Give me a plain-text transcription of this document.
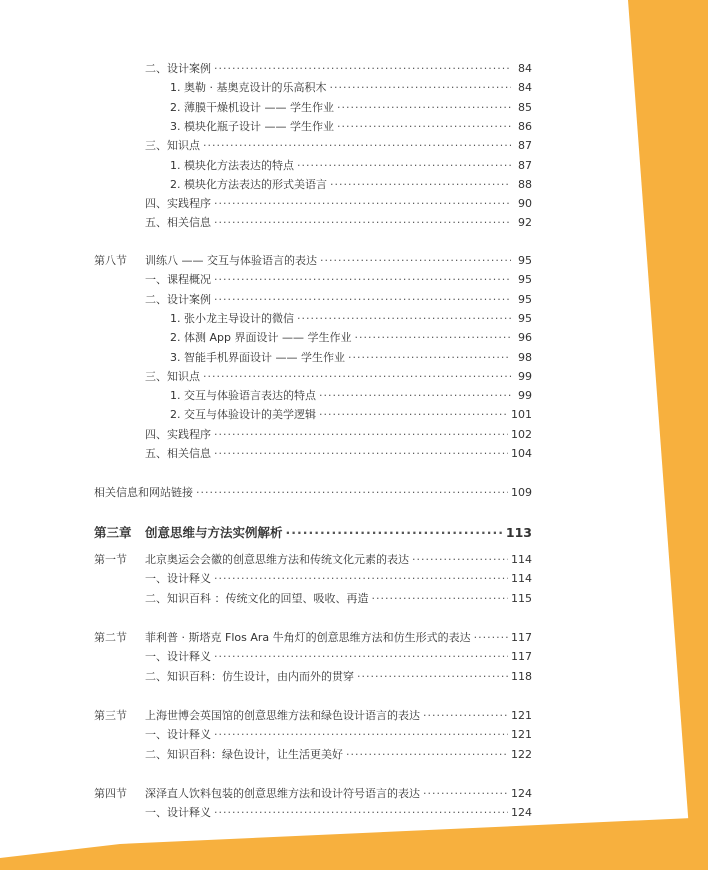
二、设计案例 ·····	84
1. 奥勒 · 基奥克设计的乐高积木 ·····	84
2. 薄膜干燥机设计 —— 学生作业 ·····	85
3. 模块化瓶子设计 —— 学生作业 ·····	86
三、知识点 ·····	87
1. 模块化方法表达的特点 ·····	87
2. 模块化方法表达的形式美语言 ·····	88
四、实践程序 ·····	90
五、相关信息 ·····	92
第八节 训练八 —— 交互与体验语言的表达 ·····	95
一、课程概况 ·····	95
二、设计案例 ·····	95
1. 张小龙主导设计的微信 ·····	95
2. 体测 App 界面设计 —— 学生作业 ·····	96
3. 智能手机界面设计 —— 学生作业 ·····	98
三、知识点 ·····	99
1. 交互与体验语言表达的特点 ·····	99
2. 交互与体验设计的美学逻辑 ·····	101
四、实践程序 ·····	102
五、相关信息 ·····	104
相关信息和网站链接 ·····	109
第三章 创意思维与方法实例解析 ·····	113
第一节 北京奥运会会徽的创意思维方法和传统文化元素的表达 ·····	114
一、设计释义 ·····	114
二、知识百科 ：传统文化的回望、吸收、再造 ·····	115
第二节 菲利普 · 斯塔克 Flos Ara 牛角灯的创意思维方法和仿生形式的表达 ·····	117
一、设计释义 ·····	117
二、知识百科：仿生设计，由内而外的贯穿 ·····	118
第三节 上海世博会英国馆的创意思维方法和绿色设计语言的表达 ·····	121
一、设计释义 ·····	121
二、知识百科：绿色设计，让生活更美好 ·····	122
第四节 深泽直人饮料包装的创意思维方法和设计符号语言的表达 ·····	124
一、设计释义 ·····	124
